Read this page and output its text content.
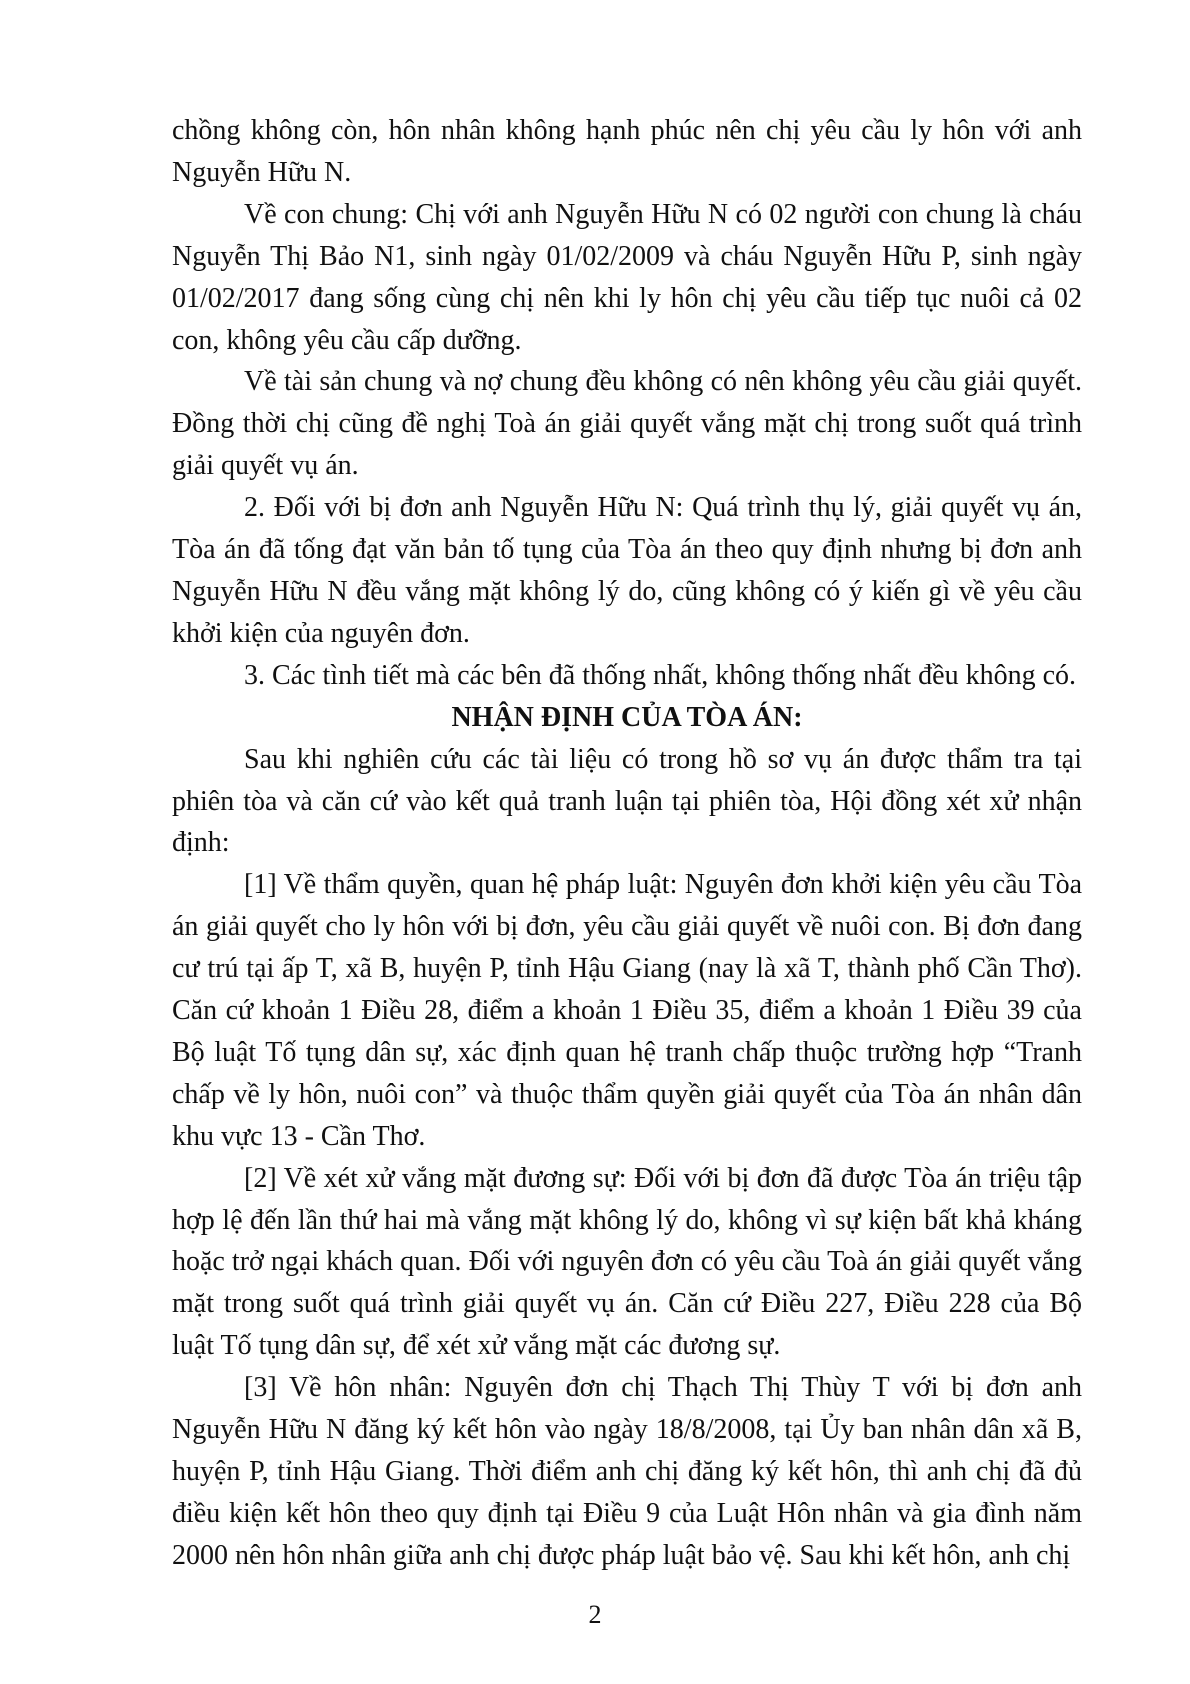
chồng không còn, hôn nhân không hạnh phúc nên chị yêu cầu ly hôn với anh Nguyễn Hữu N.

Về con chung: Chị với anh Nguyễn Hữu N có 02 người con chung là cháu Nguyễn Thị Bảo N1, sinh ngày 01/02/2009 và cháu Nguyễn Hữu P, sinh ngày 01/02/2017 đang sống cùng chị nên khi ly hôn chị yêu cầu tiếp tục nuôi cả 02 con, không yêu cầu cấp dưỡng.

Về tài sản chung và nợ chung đều không có nên không yêu cầu giải quyết. Đồng thời chị cũng đề nghị Toà án giải quyết vắng mặt chị trong suốt quá trình giải quyết vụ án.

2. Đối với bị đơn anh Nguyễn Hữu N: Quá trình thụ lý, giải quyết vụ án, Tòa án đã tống đạt văn bản tố tụng của Tòa án theo quy định nhưng bị đơn anh Nguyễn Hữu N đều vắng mặt không lý do, cũng không có ý kiến gì về yêu cầu khởi kiện của nguyên đơn.

3. Các tình tiết mà các bên đã thống nhất, không thống nhất đều không có.

NHẬN ĐỊNH CỦA TÒA ÁN:

Sau khi nghiên cứu các tài liệu có trong hồ sơ vụ án được thẩm tra tại phiên tòa và căn cứ vào kết quả tranh luận tại phiên tòa, Hội đồng xét xử nhận định:

[1] Về thẩm quyền, quan hệ pháp luật: Nguyên đơn khởi kiện yêu cầu Tòa án giải quyết cho ly hôn với bị đơn, yêu cầu giải quyết về nuôi con. Bị đơn đang cư trú tại ấp T, xã B, huyện P, tỉnh Hậu Giang (nay là xã T, thành phố Cần Thơ). Căn cứ khoản 1 Điều 28, điểm a khoản 1 Điều 35, điểm a khoản 1 Điều 39 của Bộ luật Tố tụng dân sự, xác định quan hệ tranh chấp thuộc trường hợp “Tranh chấp về ly hôn, nuôi con” và thuộc thẩm quyền giải quyết của Tòa án nhân dân khu vực 13 - Cần Thơ.

[2] Về xét xử vắng mặt đương sự: Đối với bị đơn đã được Tòa án triệu tập hợp lệ đến lần thứ hai mà vắng mặt không lý do, không vì sự kiện bất khả kháng hoặc trở ngại khách quan. Đối với nguyên đơn có yêu cầu Toà án giải quyết vắng mặt trong suốt quá trình giải quyết vụ án. Căn cứ Điều 227, Điều 228 của Bộ luật Tố tụng dân sự, để xét xử vắng mặt các đương sự.

[3] Về hôn nhân: Nguyên đơn chị Thạch Thị Thùy T với bị đơn anh Nguyễn Hữu N đăng ký kết hôn vào ngày 18/8/2008, tại Ủy ban nhân dân xã B, huyện P, tỉnh Hậu Giang. Thời điểm anh chị đăng ký kết hôn, thì anh chị đã đủ điều kiện kết hôn theo quy định tại Điều 9 của Luật Hôn nhân và gia đình năm 2000 nên hôn nhân giữa anh chị được pháp luật bảo vệ. Sau khi kết hôn, anh chị

2
